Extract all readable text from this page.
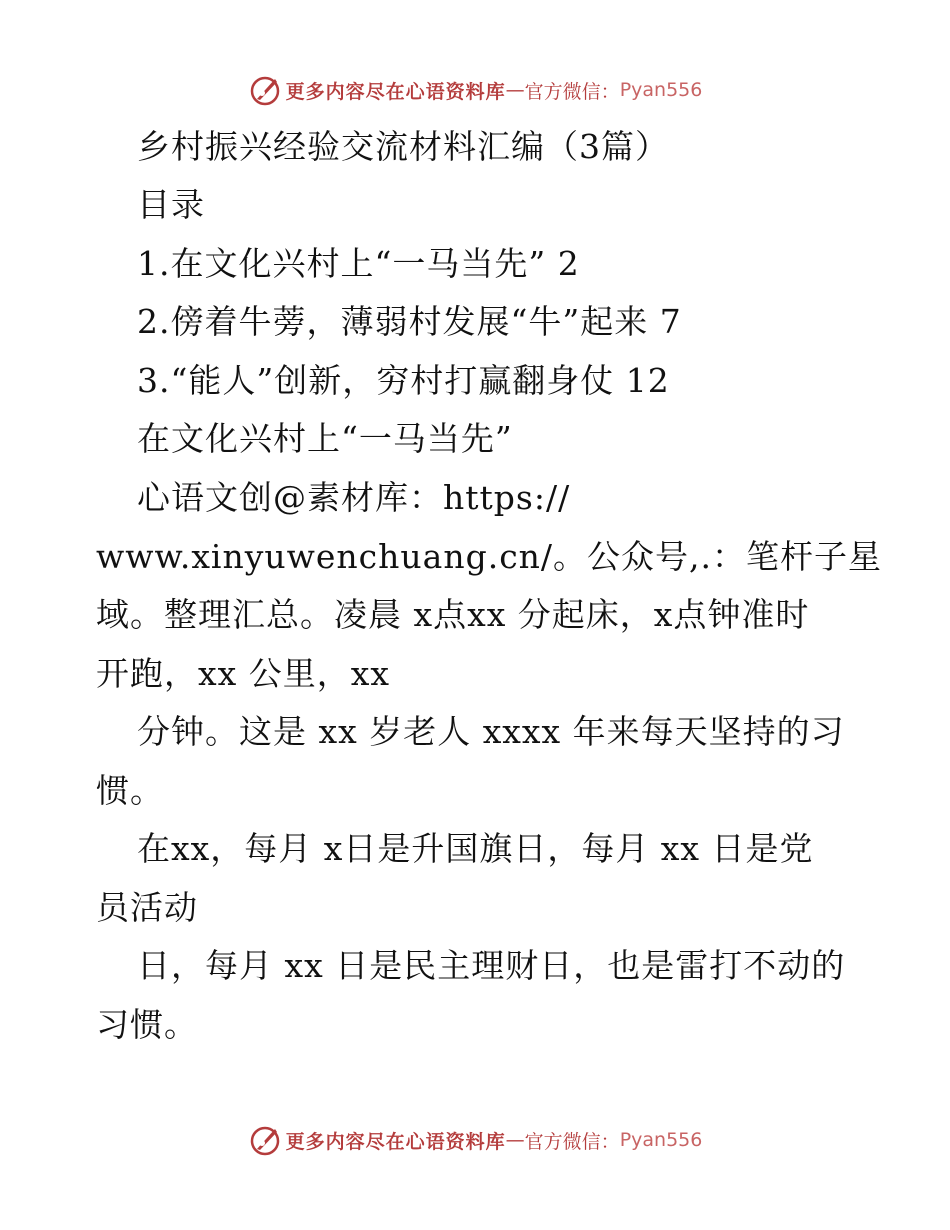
更多内容尽在心语资料库 — 官方微信： Pyan556
乡村振兴经验交流材料汇编（3篇）
目录
1.在文化兴村上“一马当先” 2
2.傍着牛蒡，薄弱村发展“牛”起来 7
3.“能人”创新，穷村打赢翻身仗 12
在文化兴村上“一马当先”
心语文创@素材库：https://
www.xinyuwenchuang.cn/。公众号,.：笔杆子星
域。整理汇总。凌晨 x点xx 分起床，x点钟准时
开跑，xx 公里，xx
分钟。这是 xx 岁老人 xxxx 年来每天坚持的习
惯。
在xx，每月 x日是升国旗日，每月 xx 日是党
员活动
日，每月 xx 日是民主理财日，也是雷打不动的
习惯。
更多内容尽在心语资料库 — 官方微信： Pyan556
